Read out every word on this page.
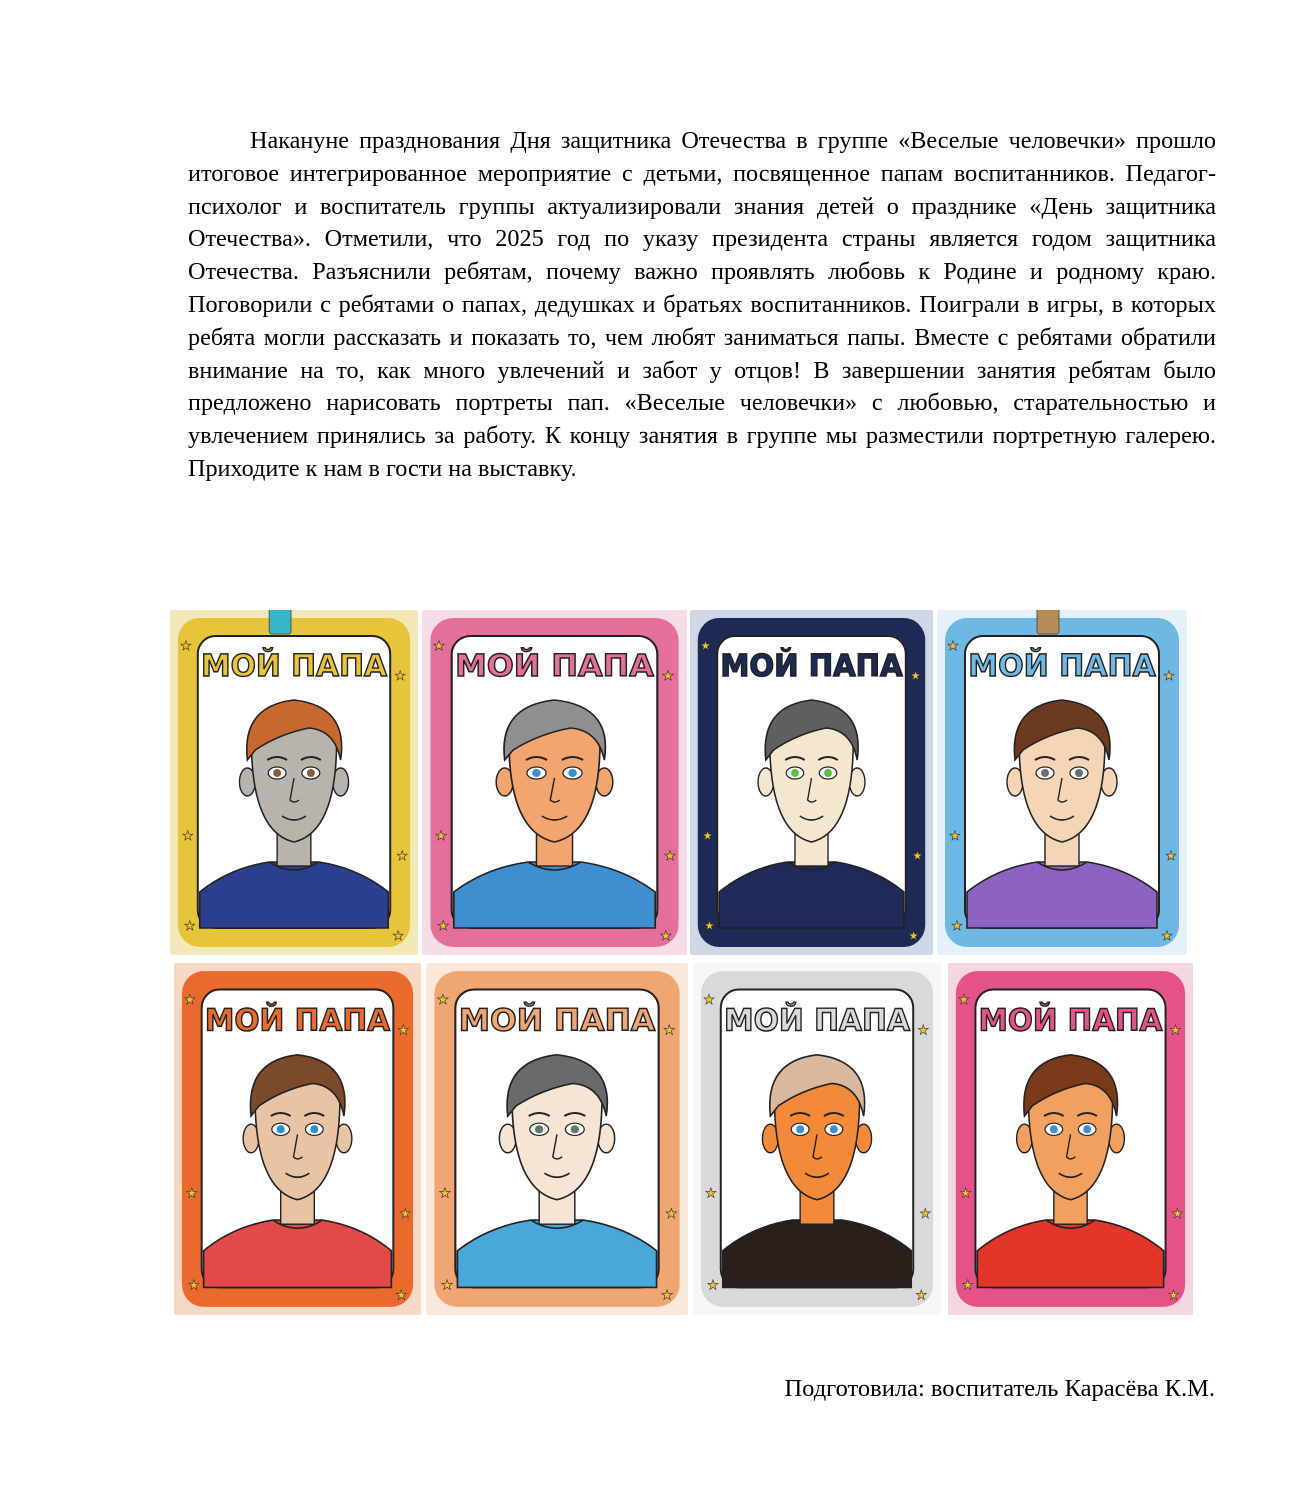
Накануне празднования Дня защитника Отечества в группе «Веселые человечки» прошло итоговое интегрированное мероприятие с детьми, посвященное папам воспитанников. Педагог-психолог и воспитатель группы актуализировали знания детей о празднике «День защитника Отечества». Отметили, что 2025 год по указу президента страны является годом защитника Отечества. Разъяснили ребятам, почему важно проявлять любовь к Родине и родному краю. Поговорили с ребятами о папах, дедушках и братьях воспитанников. Поиграли в игры, в которых ребята могли рассказать и показать то, чем любят заниматься папы. Вместе с ребятами обратили внимание на то, как много увлечений и забот у отцов! В завершении занятия ребятам было предложено нарисовать портреты пап. «Веселые человечки» с любовью, старательностью и увлечением принялись за работу. К концу занятия в группе мы разместили портретную галерею. Приходите к нам в гости на выставку.

★
★
★
★
★
★
МОЙ ПАПА
★
★
★
★
★
★
МОЙ ПАПА
★
★
★
★
★
★
МОЙ ПАПА
★
★
★
★
★
★
МОЙ ПАПА
★
★
★
★
★
★
МОЙ ПАПА
★
★
★
★
★
★
МОЙ ПАПА
★
★
★
★
★
★
МОЙ ПАПА
★
★
★
★
★
★
МОЙ ПАПА

Подготовила: воспитатель Карасёва К.М.
